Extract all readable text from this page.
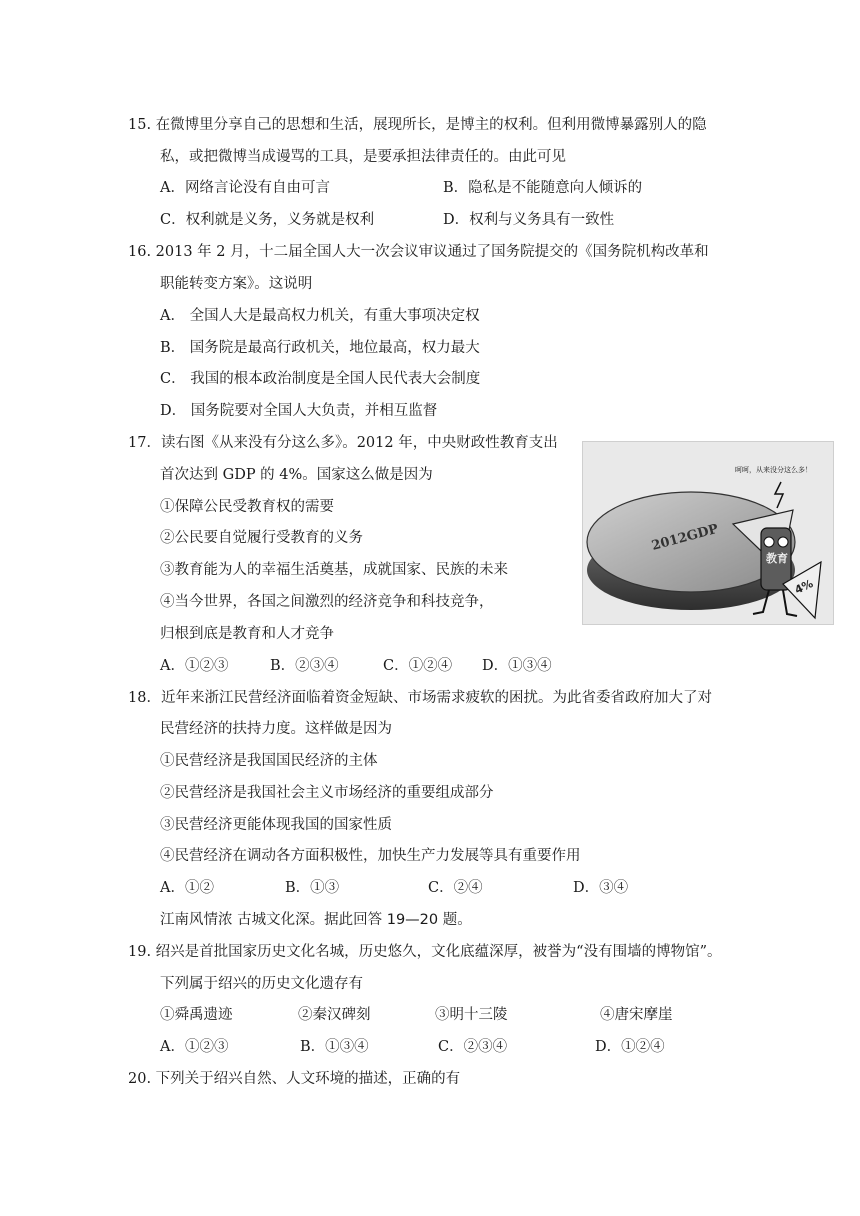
15. 在微博里分享自己的思想和生活，展现所长，是博主的权利。但利用微博暴露别人的隐
私，或把微博当成谩骂的工具，是要承担法律责任的。由此可见
A．网络言论没有自由可言	B．隐私是不能随意向人倾诉的
C．权利就是义务，义务就是权利	D．权利与义务具有一致性
16. 2013 年 2 月，十二届全国人大一次会议审议通过了国务院提交的《国务院机构改革和
职能转变方案》。这说明
A． 全国人大是最高权力机关，有重大事项决定权
B． 国务院是最高行政机关，地位最高，权力最大
C． 我国的根本政治制度是全国人民代表大会制度
D． 国务院要对全国人大负责，并相互监督
17．读右图《从来没有分这么多》。2012 年，中央财政性教育支出
首次达到 GDP 的 4%。国家这么做是因为
①保障公民受教育权的需要
②公民要自觉履行受教育的义务
③教育能为人的幸福生活奠基，成就国家、民族的未来
④当今世界，各国之间激烈的经济竞争和科技竞争，
归根到底是教育和人才竞争
A．①②③	B．②③④	C．①②④ D．①③④
2012GDP
教育
4%
呵呵，从来没分这么多！
18．近年来浙江民营经济面临着资金短缺、市场需求疲软的困扰。为此省委省政府加大了对
民营经济的扶持力度。这样做是因为
①民营经济是我国国民经济的主体
②民营经济是我国社会主义市场经济的重要组成部分
③民营经济更能体现我国的国家性质
④民营经济在调动各方面积极性，加快生产力发展等具有重要作用
A．①②	B．①③	C．②④	D．③④
江南风情浓 古城文化深。据此回答 19—20 题。
19. 绍兴是首批国家历史文化名城，历史悠久，文化底蕴深厚，被誉为“没有围墙的博物馆”。
下列属于绍兴的历史文化遗存有
①舜禹遗迹	②秦汉碑刻	③明十三陵	④唐宋摩崖
A．①②③	B．①③④	C．②③④	D．①②④
20. 下列关于绍兴自然、人文环境的描述，正确的有
